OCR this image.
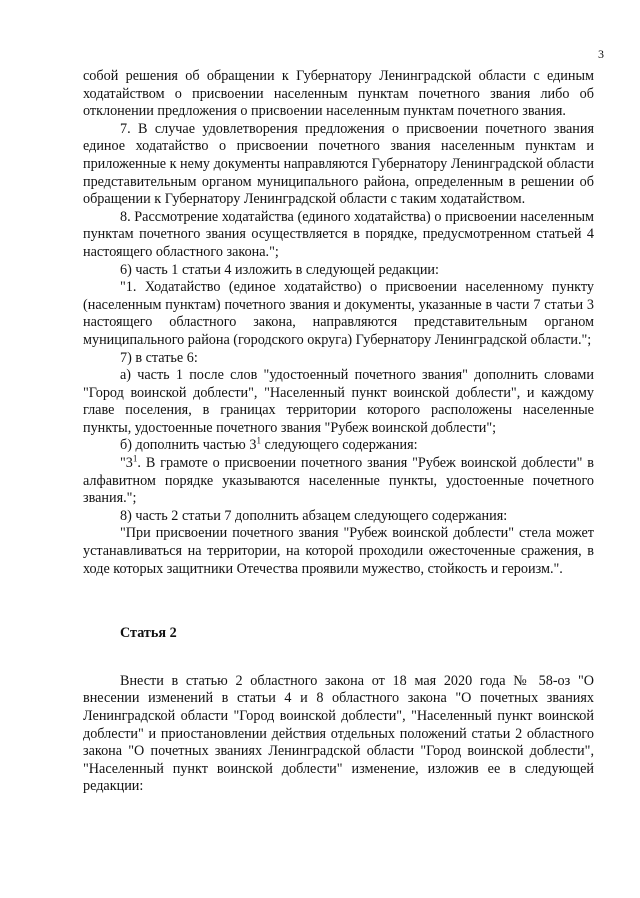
3

собой решения об обращении к Губернатору Ленинградской области с единым ходатайством о присвоении населенным пунктам почетного звания либо об отклонении предложения о присвоении населенным пунктам почетного звания.

7. В случае удовлетворения предложения о присвоении почетного звания единое ходатайство о присвоении почетного звания населенным пунктам и приложенные к нему документы направляются Губернатору Ленинградской области представительным органом муниципального района, определенным в решении об обращении к Губернатору Ленинградской области с таким ходатайством.

8. Рассмотрение ходатайства (единого ходатайства) о присвоении населенным пунктам почетного звания осуществляется в порядке, предусмотренном статьей 4 настоящего областного закона.";

6) часть 1 статьи 4 изложить в следующей редакции:

"1. Ходатайство (единое ходатайство) о присвоении населенному пункту (населенным пунктам) почетного звания и документы, указанные в части 7 статьи 3 настоящего областного закона, направляются представительным органом муниципального района (городского округа) Губернатору Ленинградской области.";

7) в статье 6:

а) часть 1 после слов "удостоенный почетного звания" дополнить словами "Город воинской доблести", "Населенный пункт воинской доблести", и каждому главе поселения, в границах территории которого расположены населенные пункты, удостоенные почетного звания "Рубеж воинской доблести";

б) дополнить частью $3^1$ следующего содержания:

"$3^1$. В грамоте о присвоении почетного звания "Рубеж воинской доблести" в алфавитном порядке указываются населенные пункты, удостоенные почетного звания.";

8) часть 2 статьи 7 дополнить абзацем следующего содержания:

"При присвоении почетного звания "Рубеж воинской доблести" стела может устанавливаться на территории, на которой проходили ожесточенные сражения, в ходе которых защитники Отечества проявили мужество, стойкость и героизм.".

Статья 2

Внести в статью 2 областного закона от 18 мая 2020 года № 58-оз "О внесении изменений в статьи 4 и 8 областного закона "О почетных званиях Ленинградской области "Город воинской доблести", "Населенный пункт воинской доблести" и приостановлении действия отдельных положений статьи 2 областного закона "О почетных званиях Ленинградской области "Город воинской доблести", "Населенный пункт воинской доблести" изменение, изложив ее в следующей редакции:
